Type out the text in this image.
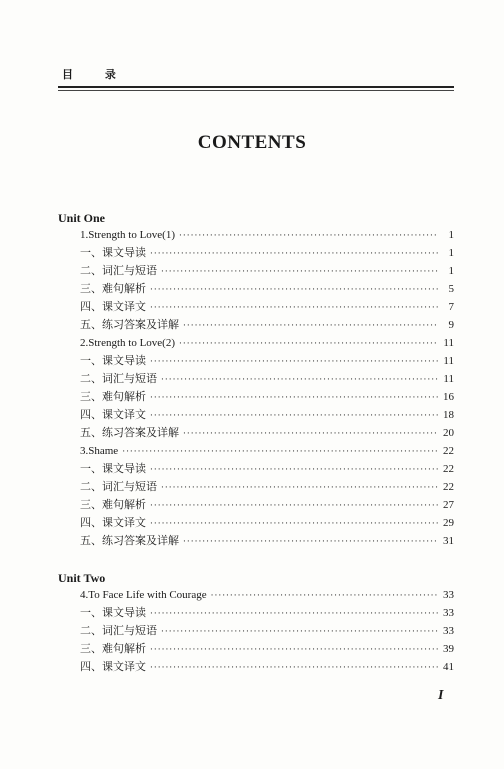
目 录
CONTENTS
Unit One
1.Strength to Love(1) ·····	1
一、课文导读 ·····	1
二、词汇与短语 ·····	1
三、难句解析 ·····	5
四、课文译文 ·····	7
五、练习答案及详解 ·····	9
2.Strength to Love(2) ·····	11
一、课文导读 ·····	11
二、词汇与短语 ·····	11
三、难句解析 ·····	16
四、课文译文 ·····	18
五、练习答案及详解 ·····	20
3.Shame ·····	22
一、课文导读 ·····	22
二、词汇与短语 ·····	22
三、难句解析 ·····	27
四、课文译文 ·····	29
五、练习答案及详解 ·····	31
Unit Two
4.To Face Life with Courage ·····	33
一、课文导读 ·····	33
二、词汇与短语 ·····	33
三、难句解析 ·····	39
四、课文译文 ·····	41
I
